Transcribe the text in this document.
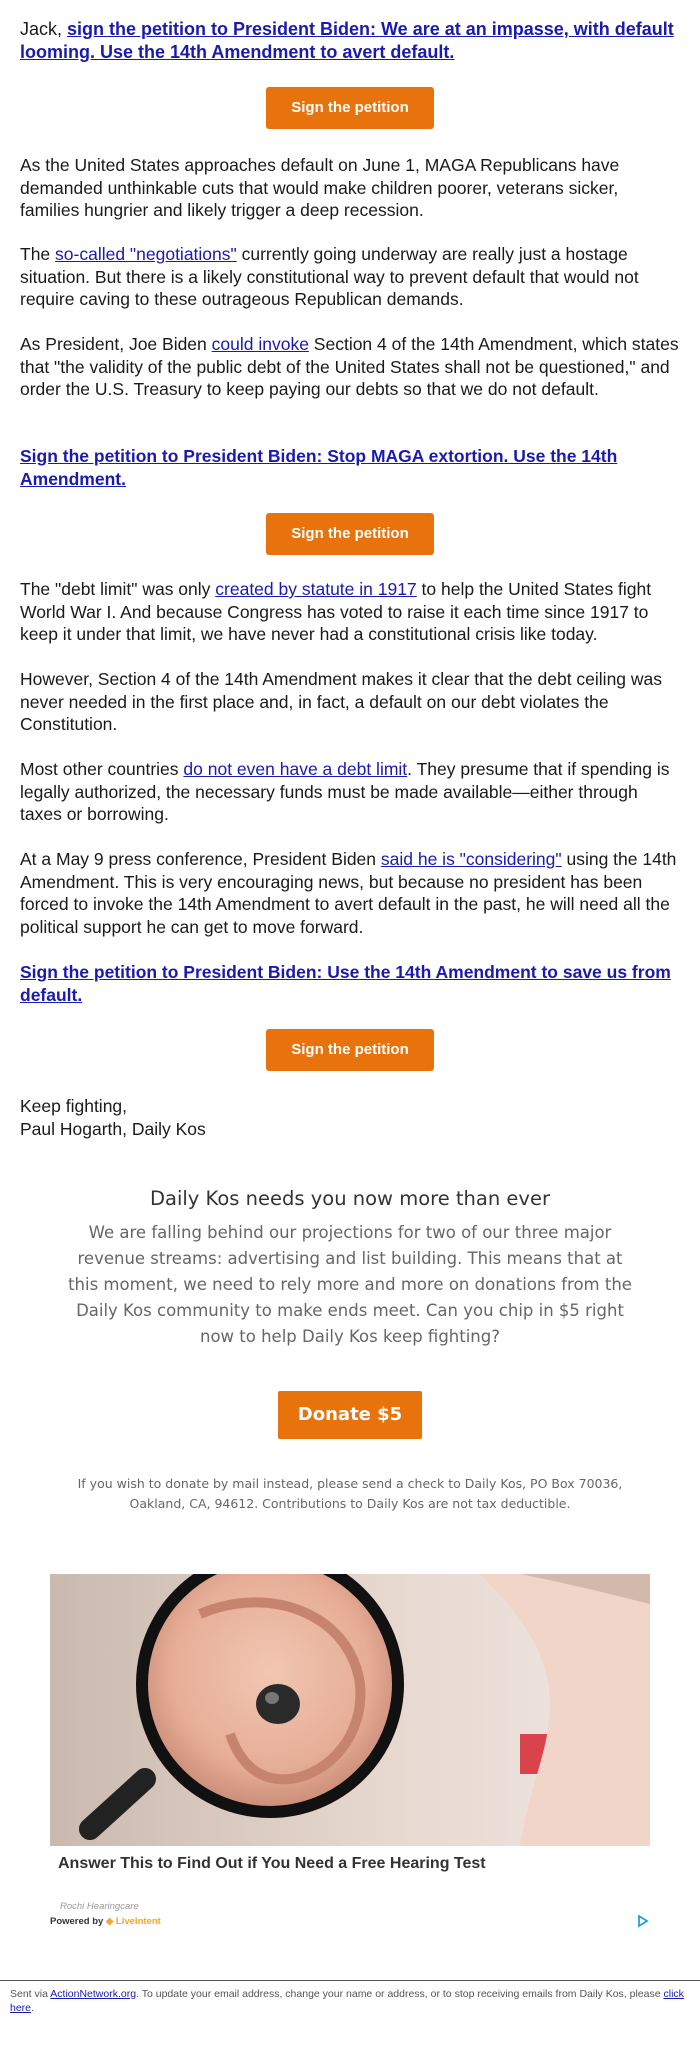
Jack, sign the petition to President Biden: We are at an impasse, with default looming. Use the 14th Amendment to avert default.

Sign the petition

As the United States approaches default on June 1, MAGA Republicans have demanded unthinkable cuts that would make children poorer, veterans sicker, families hungrier and likely trigger a deep recession.

The so-called "negotiations" currently going underway are really just a hostage situation. But there is a likely constitutional way to prevent default that would not require caving to these outrageous Republican demands.

As President, Joe Biden could invoke Section 4 of the 14th Amendment, which states that "the validity of the public debt of the United States shall not be questioned," and order the U.S. Treasury to keep paying our debts so that we do not default.

Sign the petition to President Biden: Stop MAGA extortion. Use the 14th Amendment.

Sign the petition

The "debt limit" was only created by statute in 1917 to help the United States fight World War I. And because Congress has voted to raise it each time since 1917 to keep it under that limit, we have never had a constitutional crisis like today.

However, Section 4 of the 14th Amendment makes it clear that the debt ceiling was never needed in the first place and, in fact, a default on our debt violates the Constitution.

Most other countries do not even have a debt limit. They presume that if spending is legally authorized, the necessary funds must be made available—either through taxes or borrowing.

At a May 9 press conference, President Biden said he is "considering" using the 14th Amendment. This is very encouraging news, but because no president has been forced to invoke the 14th Amendment to avert default in the past, he will need all the political support he can get to move forward.

Sign the petition to President Biden: Use the 14th Amendment to save us from default.

Sign the petition

Keep fighting,
Paul Hogarth, Daily Kos

Daily Kos needs you now more than ever
We are falling behind our projections for two of our three major revenue streams: advertising and list building. This means that at this moment, we need to rely more and more on donations from the Daily Kos community to make ends meet. Can you chip in $5 right now to help Daily Kos keep fighting?
Donate $5
If you wish to donate by mail instead, please send a check to Daily Kos, PO Box 70036, Oakland, CA, 94612. Contributions to Daily Kos are not tax deductible.
Answer This to Find Out if You Need a Free Hearing Test
Rochi Hearingcare
Powered by ◆ LiveIntent
Sent via ActionNetwork.org. To update your email address, change your name or address, or to stop receiving emails from Daily Kos, please click here.
